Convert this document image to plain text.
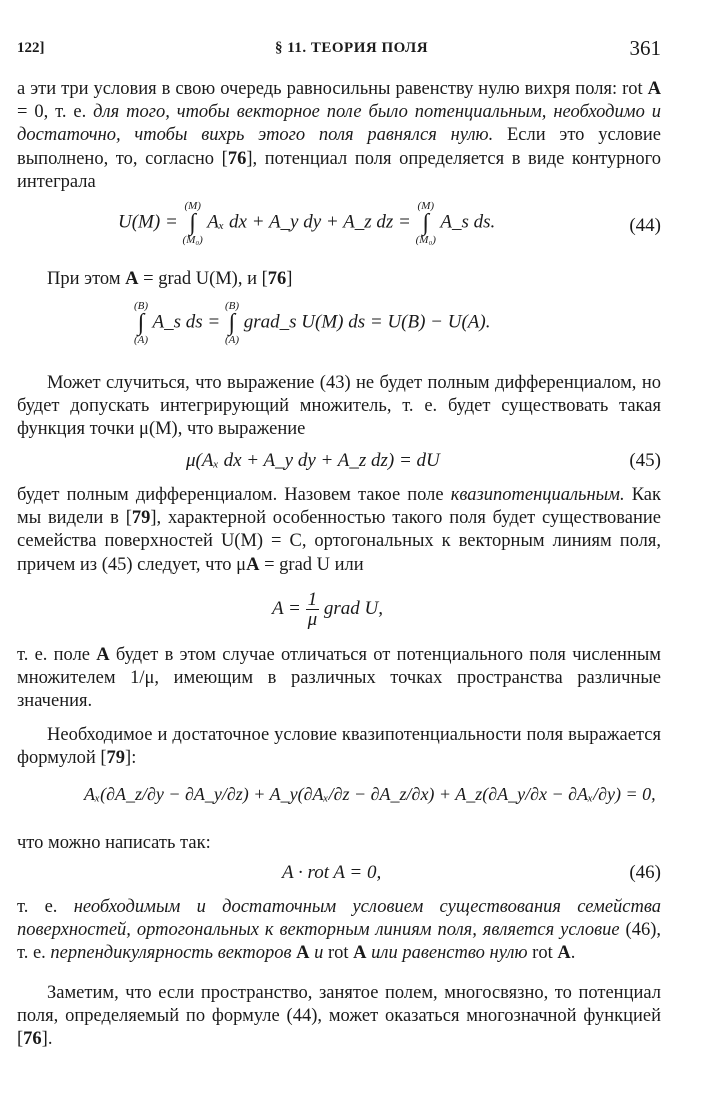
122]	§ 11. ТЕОРИЯ ПОЛЯ	361

а эти три условия в свою очередь равносильны равенству нулю вихря поля: rot A = 0, т. е. для того, чтобы векторное поле было потенциальным, необходимо и достаточно, чтобы вихрь этого поля равнялся нулю. Если это условие выполнено, то, согласно [76], потенциал поля определяется в виде контурного интеграла

U(M) =
(M)
∫
(M₀)
Aₓ dx + A_y dy + A_z dz =
(M)
∫
(M₀)
A_s ds.	(44)

При этом A = grad U(M), и [76]

(B)
∫
(A)
A_s ds =
(B)
∫
(A)
grad_s U(M) ds = U(B) − U(A).

Может случиться, что выражение (43) не будет полным дифференциалом, но будет допускать интегрирующий множитель, т. е. будет существовать такая функция точки μ(M), что выражение

μ(Aₓ dx + A_y dy + A_z dz) = dU	(45)

будет полным дифференциалом. Назовем такое поле квазипотенциальным. Как мы видели в [79], характерной особенностью такого поля будет существование семейства поверхностей U(M) = C, ортогональных к векторным линиям поля, причем из (45) следует, что μA = grad U или

$A = \frac{1}{\mu}$ grad U,

т. е. поле A будет в этом случае отличаться от потенциального поля численным множителем 1/μ, имеющим в различных точках пространства различные значения.

Необходимое и достаточное условие квазипотенциальности поля выражается формулой [79]:

Aₓ(∂A_z/∂y − ∂A_y/∂z) + A_y(∂Aₓ/∂z − ∂A_z/∂x) + A_z(∂A_y/∂x − ∂Aₓ/∂y) = 0,

что можно написать так:

A · rot A = 0,	(46)

т. е. необходимым и достаточным условием существования семейства поверхностей, ортогональных к векторным линиям поля, является условие (46), т. е. перпендикулярность векторов A и rot A или равенство нулю rot A.

Заметим, что если пространство, занятое полем, многосвязно, то потенциал поля, определяемый по формуле (44), может оказаться многозначной функцией [76].
